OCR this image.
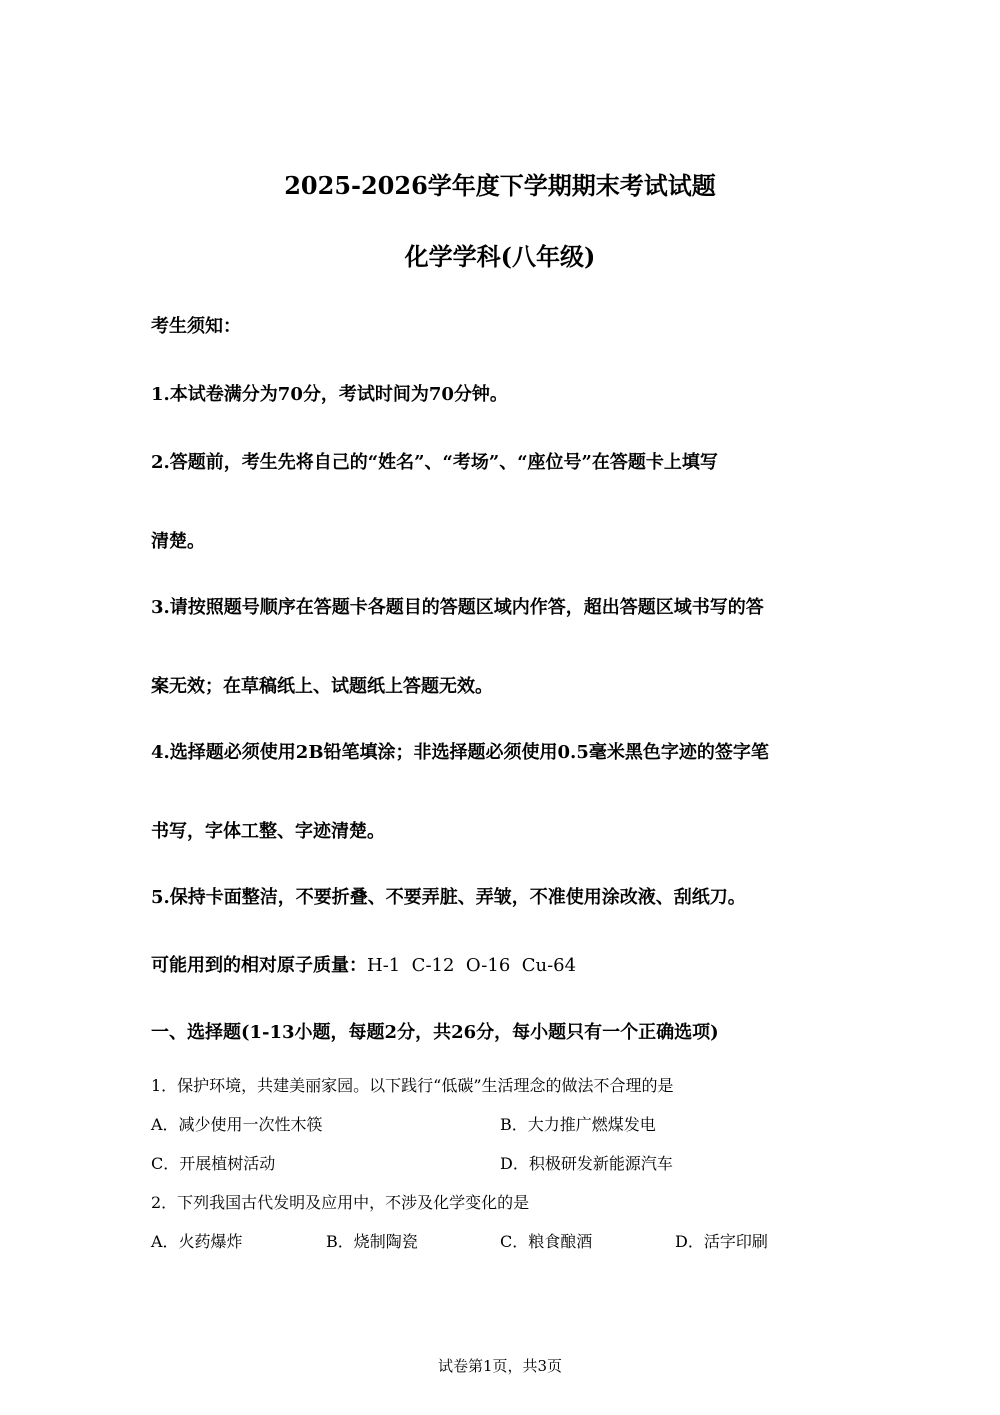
2025-2026学年度下学期期末考试试题
化学学科(八年级)

考生须知：

1.本试卷满分为70分，考试时间为70分钟。

2.答题前，考生先将自己的“姓名”、“考场”、“座位号”在答题卡上填写

清楚。

3.请按照题号顺序在答题卡各题目的答题区域内作答，超出答题区域书写的答

案无效；在草稿纸上、试题纸上答题无效。

4.选择题必须使用2B铅笔填涂；非选择题必须使用0.5毫米黑色字迹的签字笔

书写，字体工整、字迹清楚。

5.保持卡面整洁，不要折叠、不要弄脏、弄皱，不准使用涂改液、刮纸刀。

可能用到的相对原子质量：H-1  C-12  O-16  Cu-64

一、选择题(1-13小题，每题2分，共26分，每小题只有一个正确选项)

1．保护环境，共建美丽家园。以下践行“低碳”生活理念的做法不合理的是

A．减少使用一次性木筷	B．大力推广燃煤发电
C．开展植树活动	D．积极研发新能源汽车

2．下列我国古代发明及应用中，不涉及化学变化的是

A．火药爆炸	B．烧制陶瓷	C．粮食酿酒	D．活字印刷
试卷第1页，共3页
